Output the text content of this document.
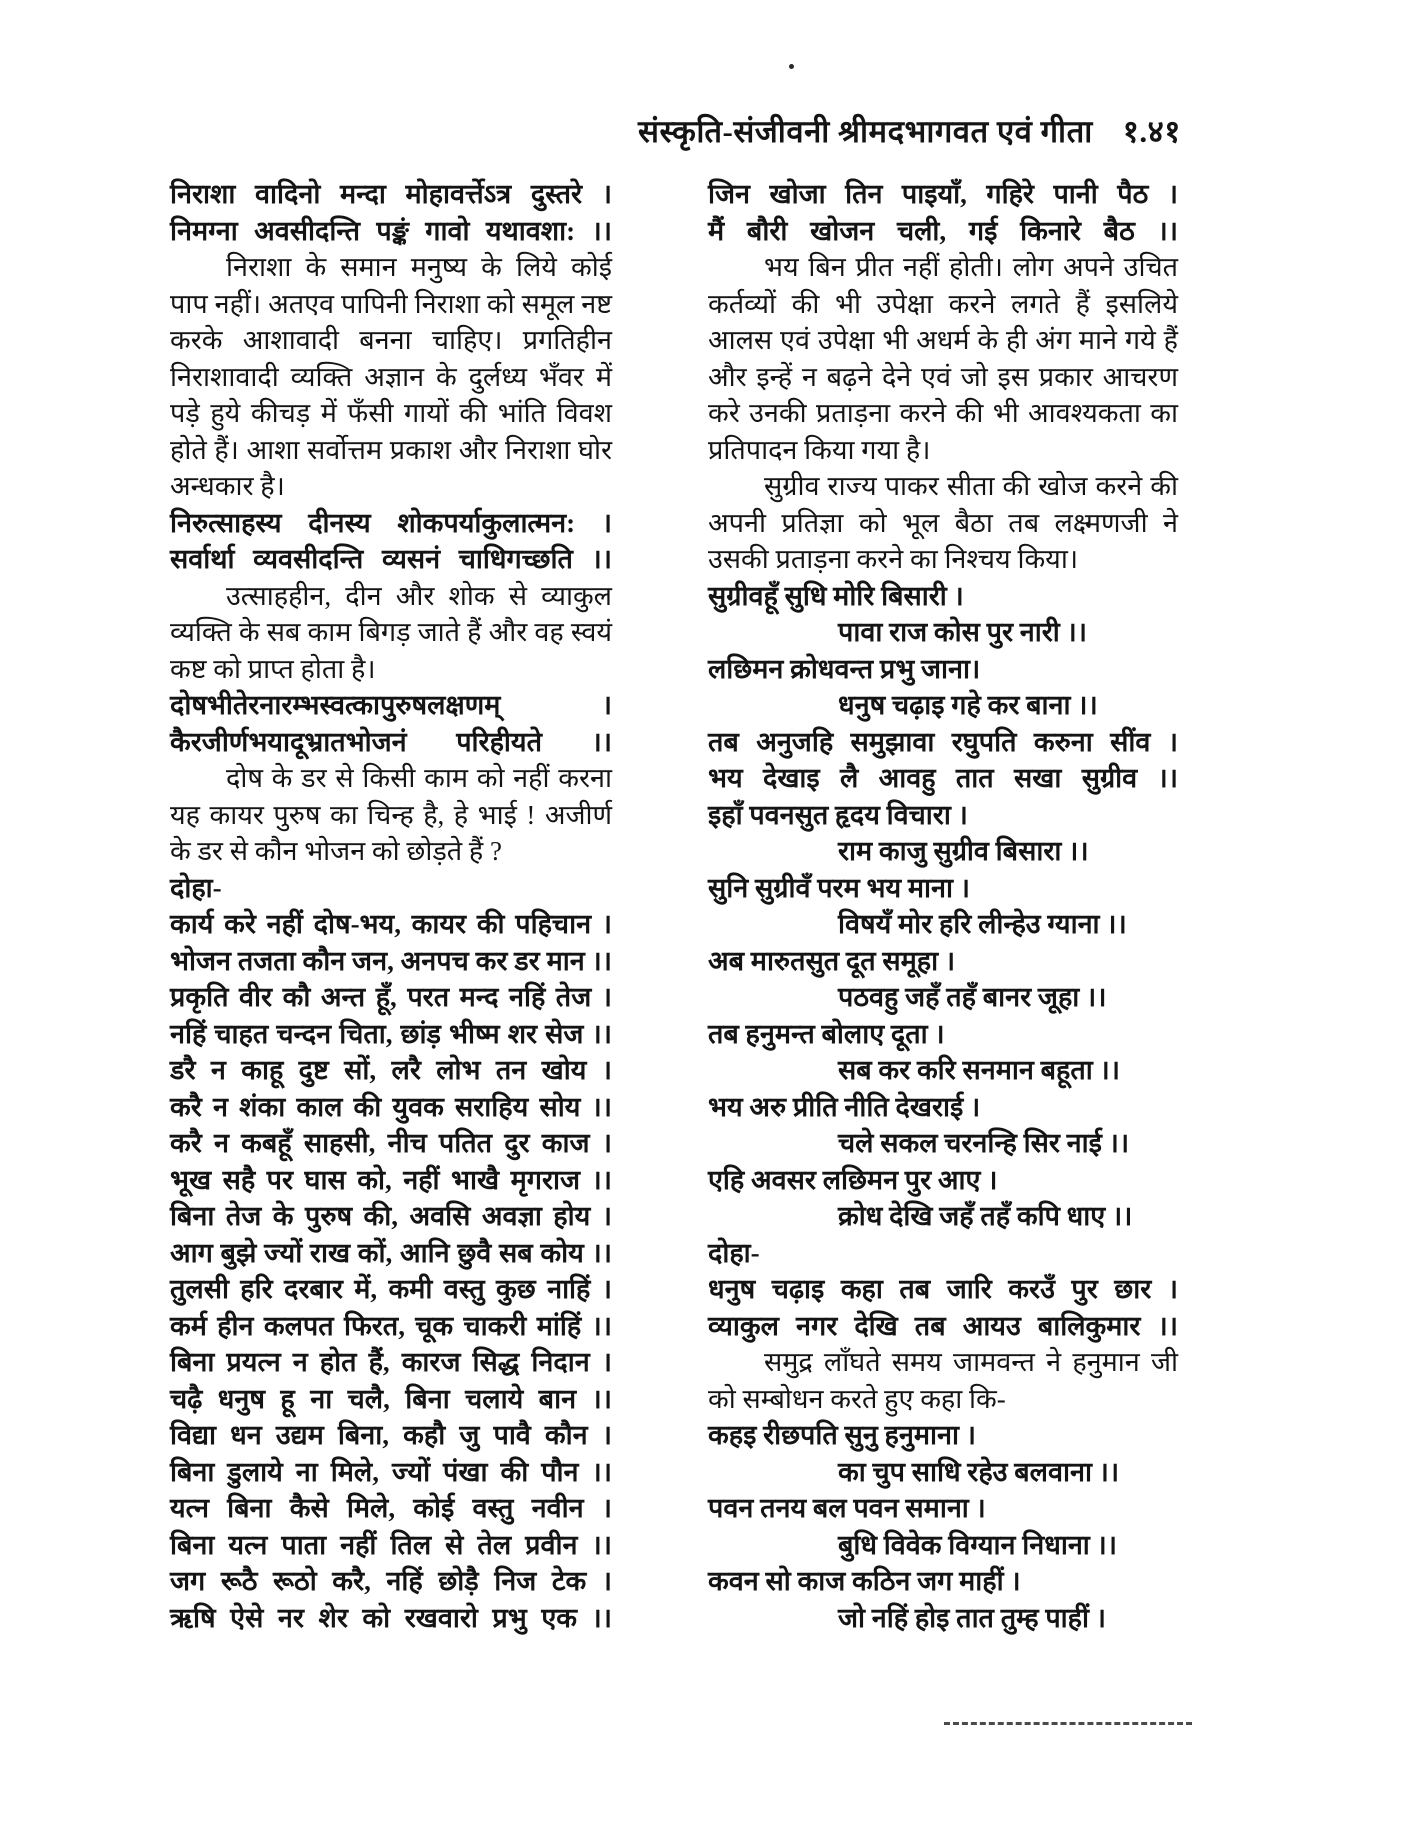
संस्कृति-संजीवनी श्रीमदभागवत एवं गीता १.४१
निराशा वादिनो मन्दा मोहावर्त्तेऽत्र दुस्तरे ।
निमग्ना अवसीदन्ति पङ्कं गावो यथावशा: ।।
निराशा के समान मनुष्य के लिये कोई पाप नहीं। अतएव पापिनी निराशा को समूल नष्ट करके आशावादी बनना चाहिए। प्रगतिहीन निराशावादी व्यक्ति अज्ञान के दुर्लध्य भँवर में पड़े हुये कीचड़ में फँसी गायों की भांति विवश होते हैं। आशा सर्वोत्तम प्रकाश और निराशा घोर अन्धकार है।
निरुत्साहस्य दीनस्य शोकपर्याकुलात्मन: ।
सर्वार्था व्यवसीदन्ति व्यसनं चाधिगच्छति ।।
उत्साहहीन, दीन और शोक से व्याकुल व्यक्ति के सब काम बिगड़ जाते हैं और वह स्वयं कष्ट को प्राप्त होता है।
दोषभीतेरनारम्भस्वत्कापुरुषलक्षणम् ।
कैरजीर्णभयादूभ्रातभोजनं परिहीयते ।।
दोष के डर से किसी काम को नहीं करना यह कायर पुरुष का चिन्ह है, हे भाई ! अजीर्ण के डर से कौन भोजन को छोड़ते हैं ?
दोहा-
कार्य करे नहीं दोष-भय, कायर की पहिचान ।
भोजन तजता कौन जन, अनपच कर डर मान ।।
प्रकृति वीर कौ अन्त हूँ, परत मन्द नहिं तेज ।
नहिं चाहत चन्दन चिता, छांड़ भीष्म शर सेज ।।
डरै न काहू दुष्ट सों, लरै लोभ तन खोय ।
करै न शंका काल की युवक सराहिय सोय ।।
करै न कबहूँ साहसी, नीच पतित दुर काज ।
भूख सहै पर घास को, नहीं भाखै मृगराज ।।
बिना तेज के पुरुष की, अवसि अवज्ञा होय ।
आग बुझे ज्यों राख कों, आनि छुवै सब कोय ।।
तुलसी हरि दरबार में, कमी वस्तु कुछ नाहिं ।
कर्म हीन कलपत फिरत, चूक चाकरी मांहिं ।।
बिना प्रयत्न न होत हैं, कारज सिद्ध निदान ।
चढ़ै धनुष हू ना चलै, बिना चलाये बान ।।
विद्या धन उद्यम बिना, कहौ जु पावै कौन ।
बिना डुलाये ना मिले, ज्यों पंखा की पौन ।।
यत्न बिना कैसे मिले, कोई वस्तु नवीन ।
बिना यत्न पाता नहीं तिल से तेल प्रवीन ।।
जग रूठै रूठो करै, नहिं छोड़ै निज टेक ।
ऋषि ऐसे नर शेर को रखवारो प्रभु एक ।।
जिन खोजा तिन पाइयाँ, गहिरे पानी पैठ ।
मैं बौरी खोजन चली, गई किनारे बैठ ।।
भय बिन प्रीत नहीं होती। लोग अपने उचित कर्तव्यों की भी उपेक्षा करने लगते हैं इसलिये आलस एवं उपेक्षा भी अधर्म के ही अंग माने गये हैं और इन्हें न बढ़ने देने एवं जो इस प्रकार आचरण करे उनकी प्रताड़ना करने की भी आवश्यकता का प्रतिपादन किया गया है।
सुग्रीव राज्य पाकर सीता की खोज करने की अपनी प्रतिज्ञा को भूल बैठा तब लक्ष्मणजी ने उसकी प्रताड़ना करने का निश्चय किया।
सुग्रीवहूँ सुधि मोरि बिसारी ।
पावा राज कोस पुर नारी ।।
लछिमन क्रोधवन्त प्रभु जाना।
धनुष चढ़ाइ गहे कर बाना ।।
तब अनुजहि समुझावा रघुपति करुना सींव ।
भय देखाइ लै आवहु तात सखा सुग्रीव ।।
इहाँ पवनसुत हृदय विचारा ।
राम काजु सुग्रीव बिसारा ।।
सुनि सुग्रीवँ परम भय माना ।
विषयँ मोर हरि लीन्हेउ ग्याना ।।
अब मारुतसुत दूत समूहा ।
पठवहु जहँ तहँ बानर जूहा ।।
तब हनुमन्त बोलाए दूता ।
सब कर करि सनमान बहूता ।।
भय अरु प्रीति नीति देखराई ।
चले सकल चरनन्हि सिर नाई ।।
एहि अवसर लछिमन पुर आए ।
क्रोध देखि जहँ तहँ कपि धाए ।।
दोहा-
धनुष चढ़ाइ कहा तब जारि करउँ पुर छार ।
व्याकुल नगर देखि तब आयउ बालिकुमार ।।
समुद्र लाँघते समय जामवन्त ने हनुमान जी को सम्बोधन करते हुए कहा कि-
कहइ रीछपति सुनु हनुमाना ।
का चुप साधि रहेउ बलवाना ।।
पवन तनय बल पवन समाना ।
बुधि विवेक विग्यान निधाना ।।
कवन सो काज कठिन जग माहीं ।
जो नहिं होइ तात तुम्ह पाहीं ।
